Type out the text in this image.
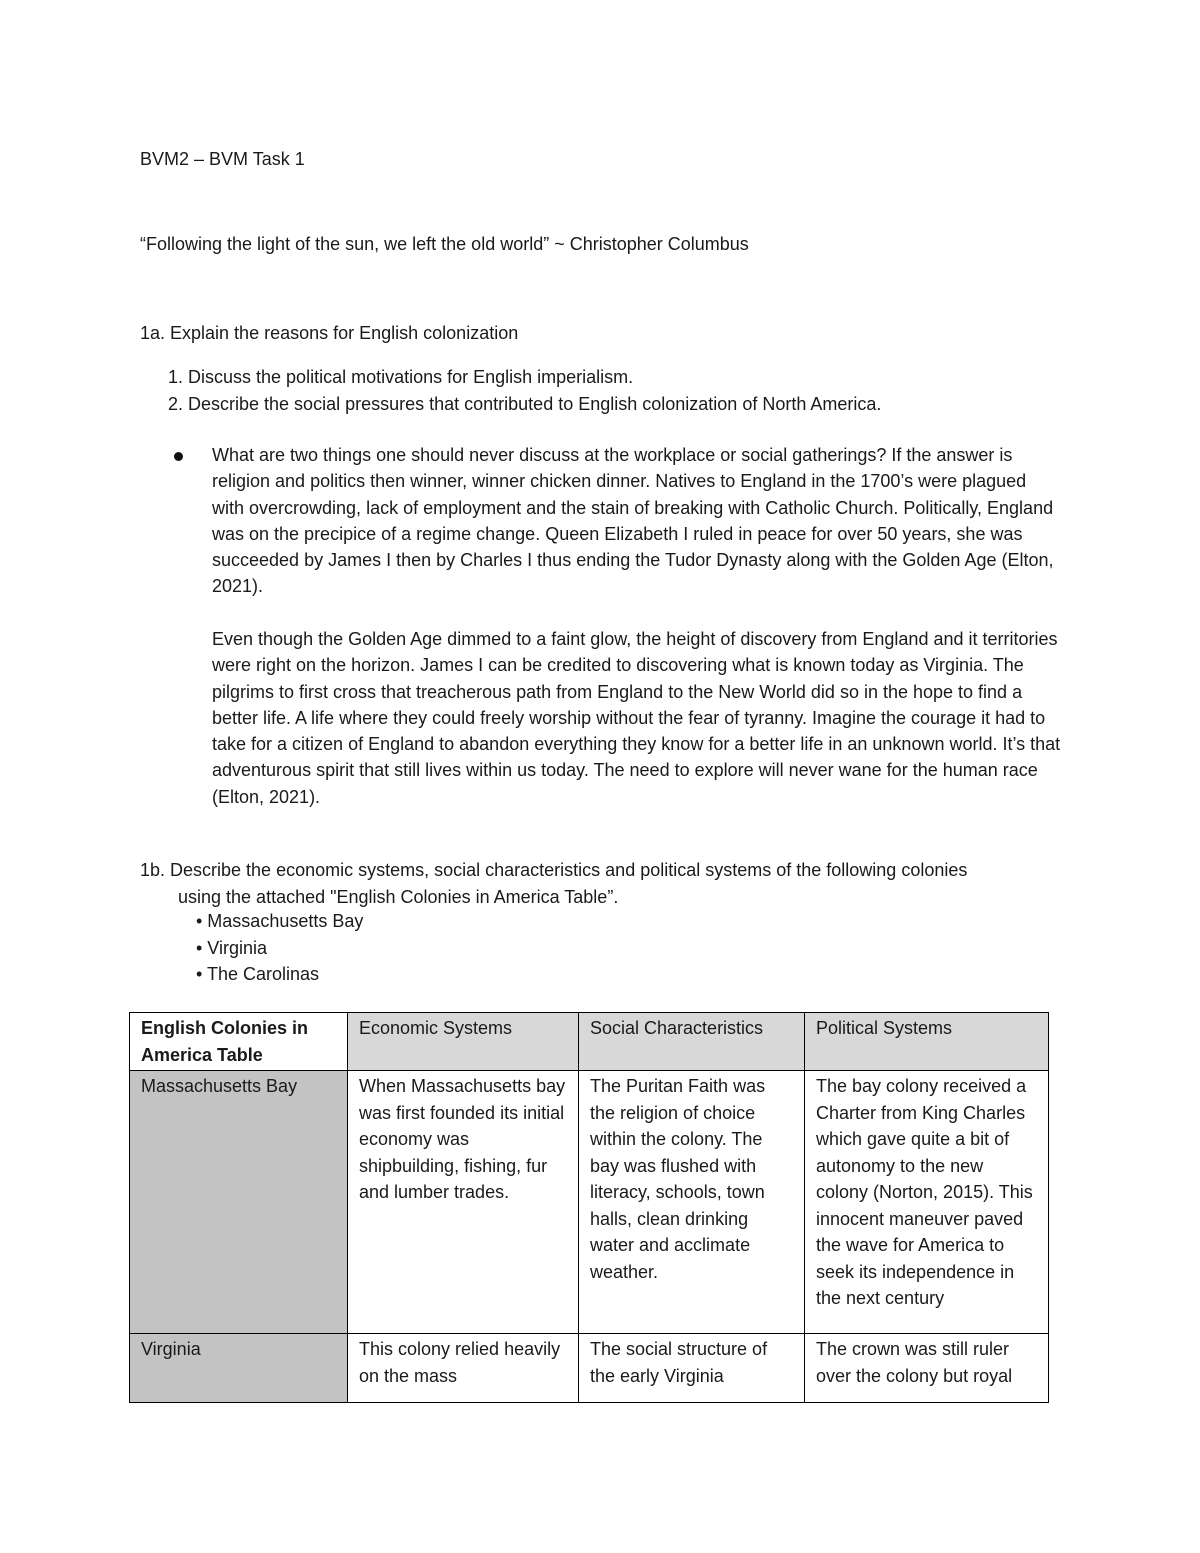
BVM2 – BVM Task 1
“Following the light of the sun, we left the old world” ~ Christopher Columbus
1a. Explain the reasons for English colonization
1. Discuss the political motivations for English imperialism.
2. Describe the social pressures that contributed to English colonization of North America.
What are two things one should never discuss at the workplace or social gatherings? If the answer is religion and politics then winner, winner chicken dinner. Natives to England in the 1700’s were plagued with overcrowding, lack of employment and the stain of breaking with Catholic Church. Politically, England was on the precipice of a regime change. Queen Elizabeth I ruled in peace for over 50 years, she was succeeded by James I then by Charles I thus ending the Tudor Dynasty along with the Golden Age (Elton, 2021).
Even though the Golden Age dimmed to a faint glow, the height of discovery from England and it territories were right on the horizon. James I can be credited to discovering what is known today as Virginia. The pilgrims to first cross that treacherous path from England to the New World did so in the hope to find a better life. A life where they could freely worship without the fear of tyranny. Imagine the courage it had to take for a citizen of England to abandon everything they know for a better life in an unknown world. It’s that adventurous spirit that still lives within us today. The need to explore will never wane for the human race (Elton, 2021).
1b. Describe the economic systems, social characteristics and political systems of the following colonies
using the attached "English Colonies in America Table”.
• Massachusetts Bay
• Virginia
• The Carolinas
English Colonies in America Table	Economic Systems	Social Characteristics	Political Systems
Massachusetts Bay	When Massachusetts bay was first founded its initial economy was shipbuilding, fishing, fur and lumber trades.	The Puritan Faith was the religion of choice within the colony. The bay was flushed with literacy, schools, town halls, clean drinking water and acclimate weather.	The bay colony received a Charter from King Charles which gave quite a bit of autonomy to the new colony (Norton, 2015). This innocent maneuver paved the wave for America to seek its independence in the next century
Virginia	This colony relied heavily on the mass	The social structure of the early Virginia	The crown was still ruler over the colony but royal
